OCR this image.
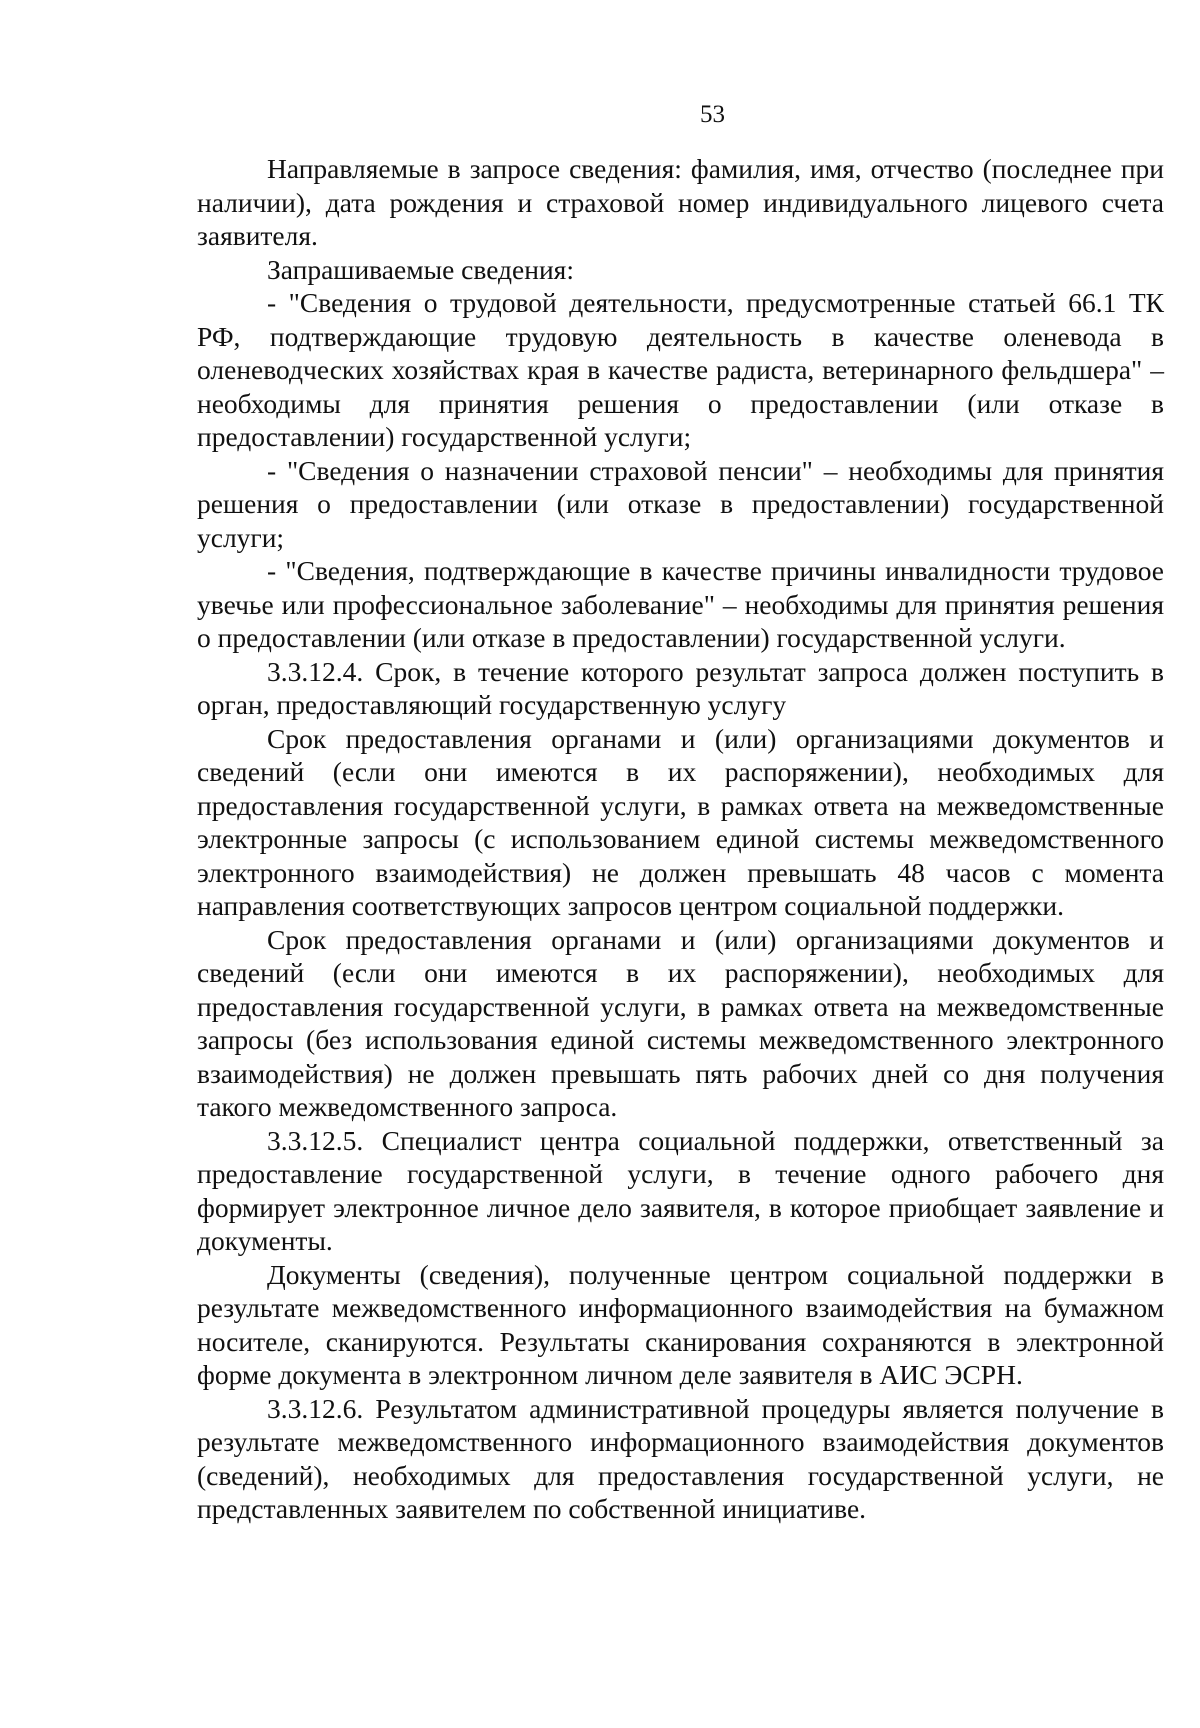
53

Направляемые в запросе сведения: фамилия, имя, отчество (последнее при наличии), дата рождения и страховой номер индивидуального лицевого счета заявителя.

Запрашиваемые сведения:

- "Сведения о трудовой деятельности, предусмотренные статьей 66.1 ТК РФ, подтверждающие трудовую деятельность в качестве оленевода в оленеводческих хозяйствах края в качестве радиста, ветеринарного фельдшера" – необходимы для принятия решения о предоставлении (или отказе в предоставлении) государственной услуги;

- "Сведения о назначении страховой пенсии" – необходимы для принятия решения о предоставлении (или отказе в предоставлении) государственной услуги;

- "Сведения, подтверждающие в качестве причины инвалидности трудовое увечье или профессиональное заболевание" – необходимы для принятия решения о предоставлении (или отказе в предоставлении) государственной услуги.

3.3.12.4. Срок, в течение которого результат запроса должен поступить в орган, предоставляющий государственную услугу

Срок предоставления органами и (или) организациями документов и сведений (если они имеются в их распоряжении), необходимых для предоставления государственной услуги, в рамках ответа на межведомственные электронные запросы (с использованием единой системы межведомственного электронного взаимодействия) не должен превышать 48 часов с момента направления соответствующих запросов центром социальной поддержки.

Срок предоставления органами и (или) организациями документов и сведений (если они имеются в их распоряжении), необходимых для предоставления государственной услуги, в рамках ответа на межведомственные запросы (без использования единой системы межведомственного электронного взаимодействия) не должен превышать пять рабочих дней со дня получения такого межведомственного запроса.

3.3.12.5. Специалист центра социальной поддержки, ответственный за предоставление государственной услуги, в течение одного рабочего дня формирует электронное личное дело заявителя, в которое приобщает заявление и документы.

Документы (сведения), полученные центром социальной поддержки в результате межведомственного информационного взаимодействия на бумажном носителе, сканируются. Результаты сканирования сохраняются в электронной форме документа в электронном личном деле заявителя в АИС ЭСРН.

3.3.12.6. Результатом административной процедуры является получение в результате межведомственного информационного взаимодействия документов (сведений), необходимых для предоставления государственной услуги, не представленных заявителем по собственной инициативе.
